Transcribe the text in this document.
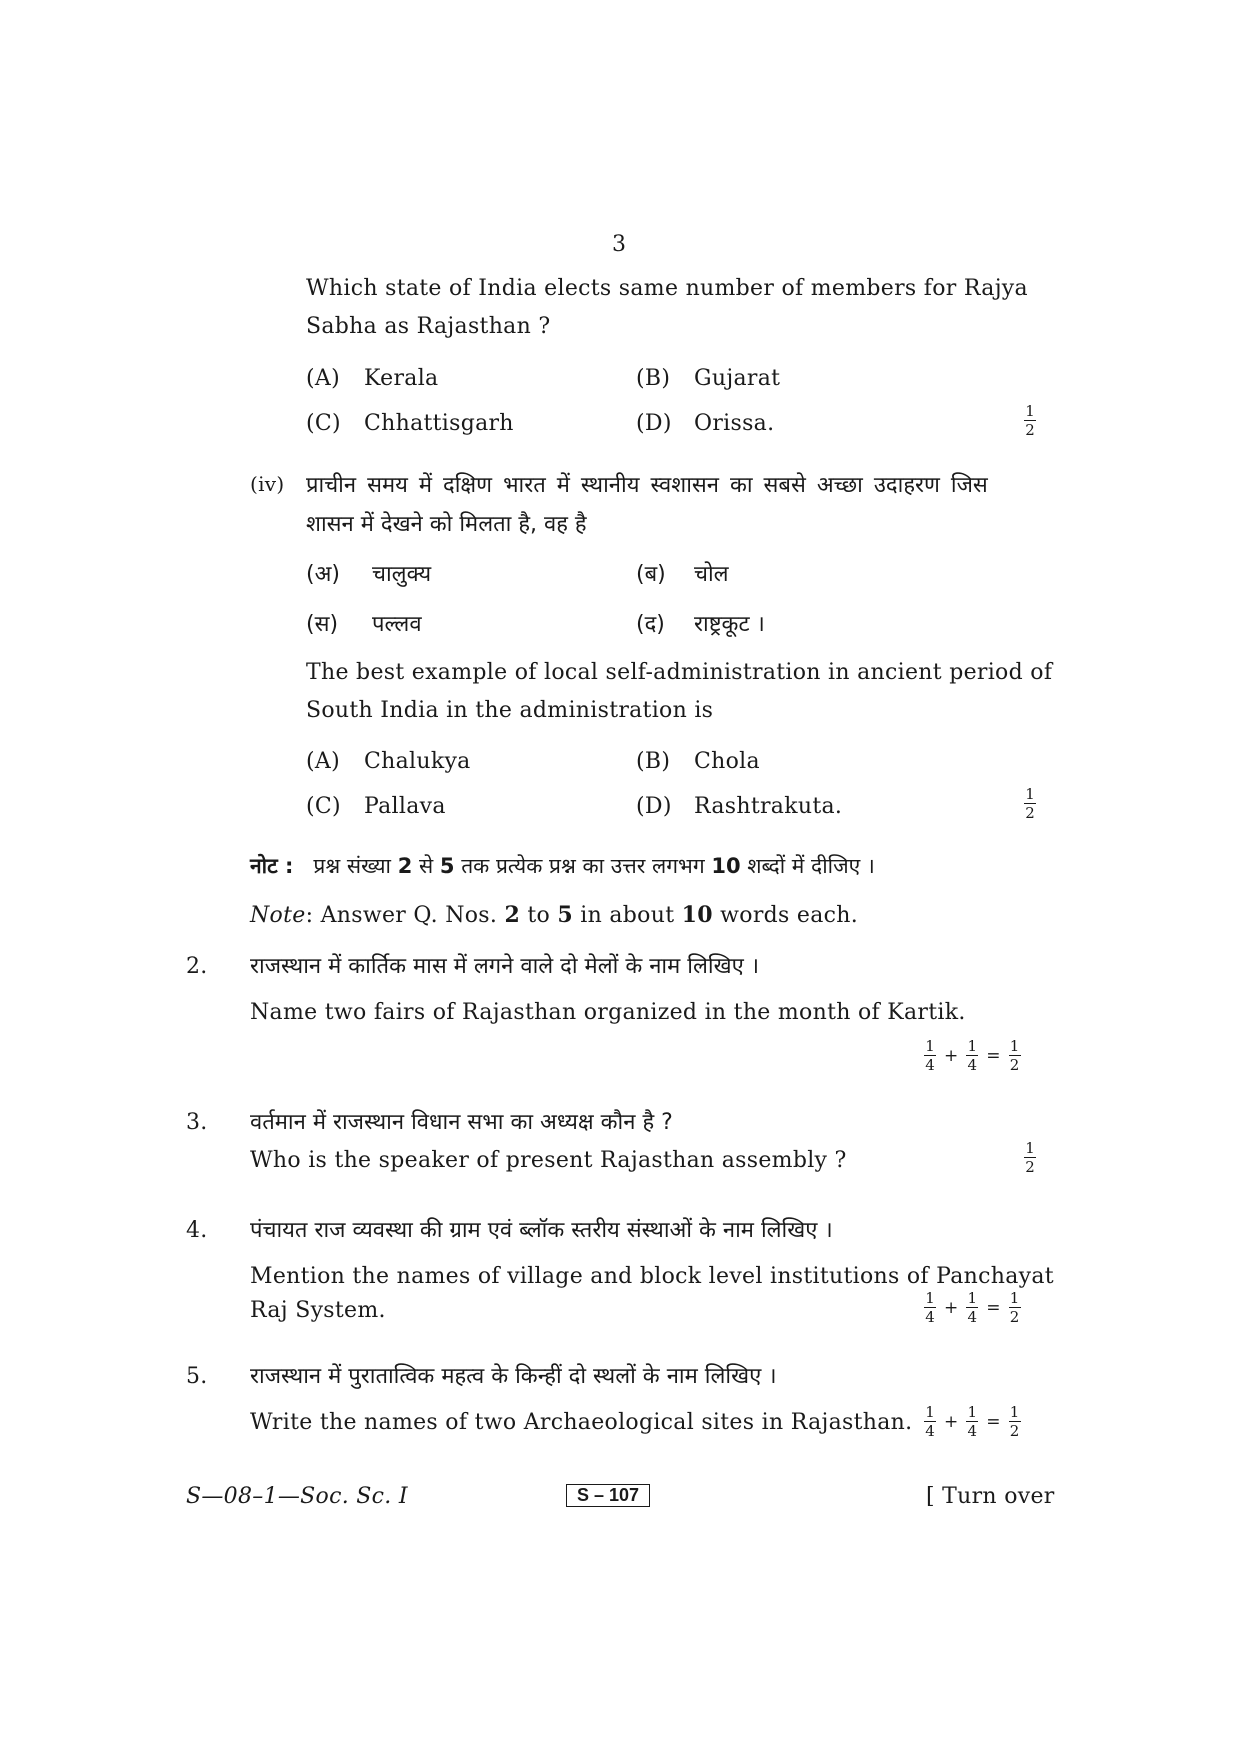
3
Which state of India elects same number of members for Rajya
Sabha as Rajasthan ?
(A) Kerala	(B) Gujarat
(C) Chhattisgarh	(D) Orissa.	1
2
(iv) प्राचीन समय में दक्षिण भारत में स्थानीय स्वशासन का सबसे अच्छा उदाहरण जिस
शासन में देखने को मिलता है, वह है
(अ) चालुक्य	(ब) चोल
(स) पल्लव	(द) राष्ट्रकूट ।
The best example of local self-administration in ancient period of
South India in the administration is
(A) Chalukya	(B) Chola
(C) Pallava	(D) Rashtrakuta.	1
2
नोट : प्रश्न संख्या 2 से 5 तक प्रत्येक प्रश्न का उत्तर लगभग 10 शब्दों में दीजिए ।
Note: Answer Q. Nos. 2 to 5 in about 10 words each.
2. राजस्थान में कार्तिक मास में लगने वाले दो मेलों के नाम लिखिए ।
Name two fairs of Rajasthan organized in the month of Kartik.
1
4 + 1
4 = 1
2
3. वर्तमान में राजस्थान विधान सभा का अध्यक्ष कौन है ?
Who is the speaker of present Rajasthan assembly ?	1
2
4. पंचायत राज व्यवस्था की ग्राम एवं ब्लॉक स्तरीय संस्थाओं के नाम लिखिए ।
Mention the names of village and block level institutions of Panchayat
Raj System.	1
4 + 1
4 = 1
2
5. राजस्थान में पुरातात्विक महत्व के किन्हीं दो स्थलों के नाम लिखिए ।
Write the names of two Archaeological sites in Rajasthan. 1
4 + 1
4 = 1
2
S—08–1—Soc. Sc. I	S – 107	[ Turn over
